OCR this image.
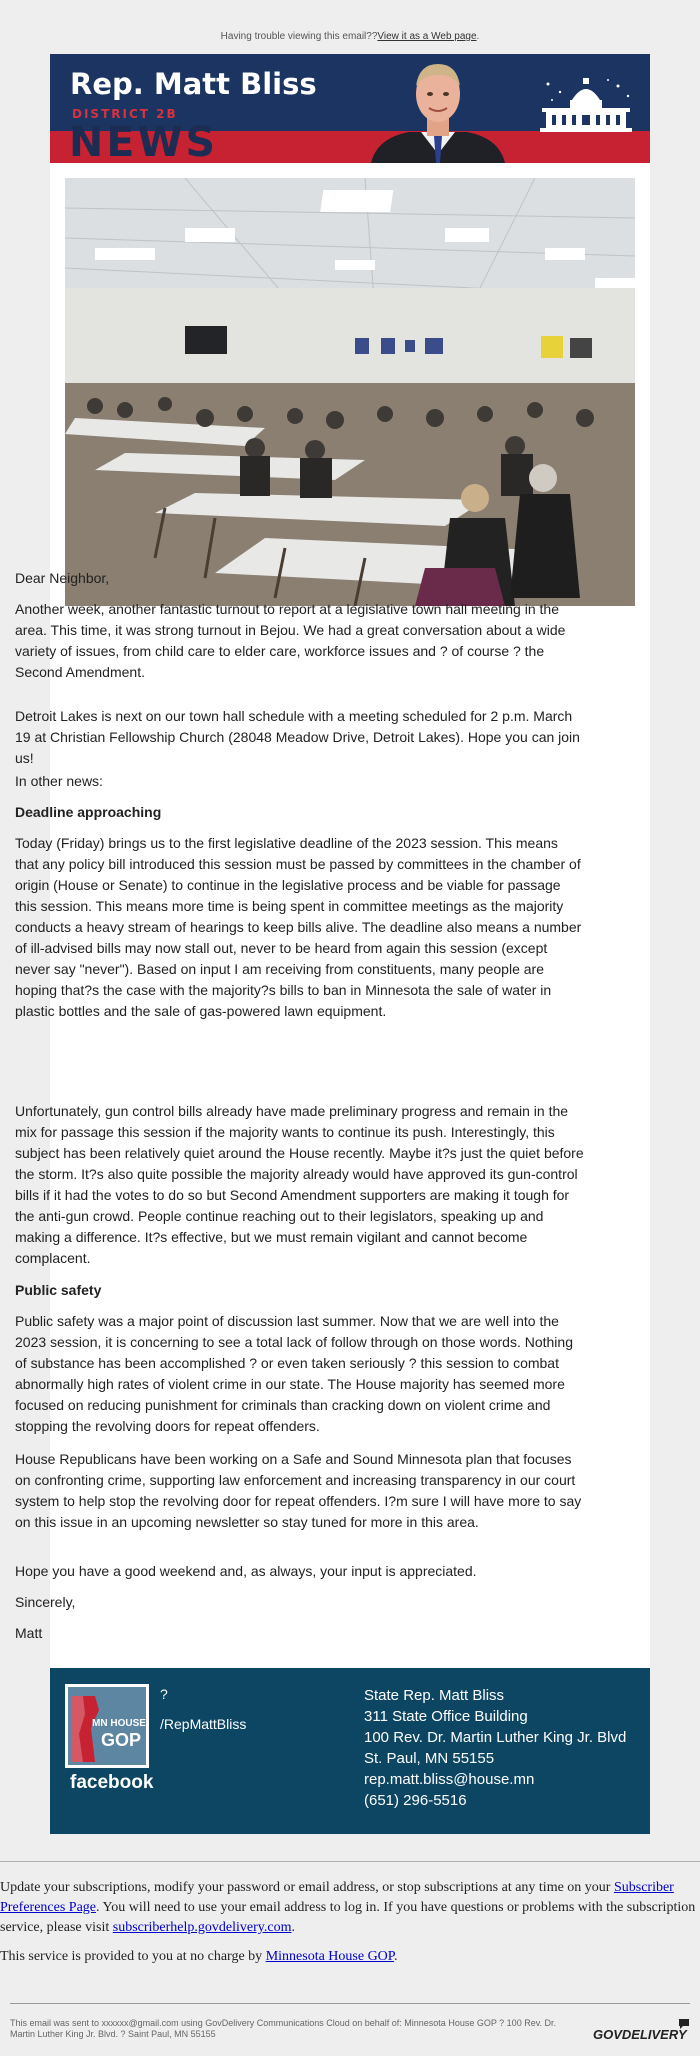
Having trouble viewing this email??View it as a Web page.
NEWS
Rep. Matt Bliss
DISTRICT 2B

Dear Neighbor,

Another week, another fantastic turnout to report at a legislative town hall meeting in the area. This time, it was strong turnout in Bejou. We had a great conversation about a wide variety of issues, from child care to elder care, workforce issues and ? of course ? the Second Amendment.

Detroit Lakes is next on our town hall schedule with a meeting scheduled for 2 p.m. March 19 at Christian Fellowship Church (28048 Meadow Drive, Detroit Lakes). Hope you can join us!

In other news:

Deadline approaching

Today (Friday) brings us to the first legislative deadline of the 2023 session. This means that any policy bill introduced this session must be passed by committees in the chamber of origin (House or Senate) to continue in the legislative process and be viable for passage this session. This means more time is being spent in committee meetings as the majority conducts a heavy stream of hearings to keep bills alive. The deadline also means a number of ill-advised bills may now stall out, never to be heard from again this session (except never say "never"). Based on input I am receiving from constituents, many people are hoping that?s the case with the majority?s bills to ban in Minnesota the sale of water in plastic bottles and the sale of gas-powered lawn equipment.

Unfortunately, gun control bills already have made preliminary progress and remain in the mix for passage this session if the majority wants to continue its push. Interestingly, this subject has been relatively quiet around the House recently. Maybe it?s just the quiet before the storm. It?s also quite possible the majority already would have approved its gun-control bills if it had the votes to do so but Second Amendment supporters are making it tough for the anti-gun crowd. People continue reaching out to their legislators, speaking up and making a difference. It?s effective, but we must remain vigilant and cannot become complacent.

Public safety

Public safety was a major point of discussion last summer. Now that we are well into the 2023 session, it is concerning to see a total lack of follow through on those words. Nothing of substance has been accomplished ? or even taken seriously ? this session to combat abnormally high rates of violent crime in our state. The House majority has seemed more focused on reducing punishment for criminals than cracking down on violent crime and stopping the revolving doors for repeat offenders.

House Republicans have been working on a Safe and Sound Minnesota plan that focuses on confronting crime, supporting law enforcement and increasing transparency in our court system to help stop the revolving door for repeat offenders. I?m sure I will have more to say on this issue in an upcoming newsletter so stay tuned for more in this area.

Hope you have a good weekend and, as always, your input is appreciated.

Sincerely,

Matt

MN HOUSE
GOP
facebook
?
/RepMattBliss
State Rep. Matt Bliss
311 State Office Building
100 Rev. Dr. Martin Luther King Jr. Blvd
St. Paul, MN 55155
rep.matt.bliss@house.mn
(651) 296-5516
Update your subscriptions, modify your password or email address, or stop subscriptions at any time on your Subscriber Preferences Page. You will need to use your email address to log in. If you have questions or problems with the subscription service, please visit subscriberhelp.govdelivery.com.
This service is provided to you at no charge by Minnesota House GOP.
This email was sent to xxxxxx@gmail.com using GovDelivery Communications Cloud on behalf of: Minnesota House GOP ? 100 Rev. Dr. Martin Luther King Jr. Blvd. ? Saint Paul, MN 55155	GOVDELIVERY
